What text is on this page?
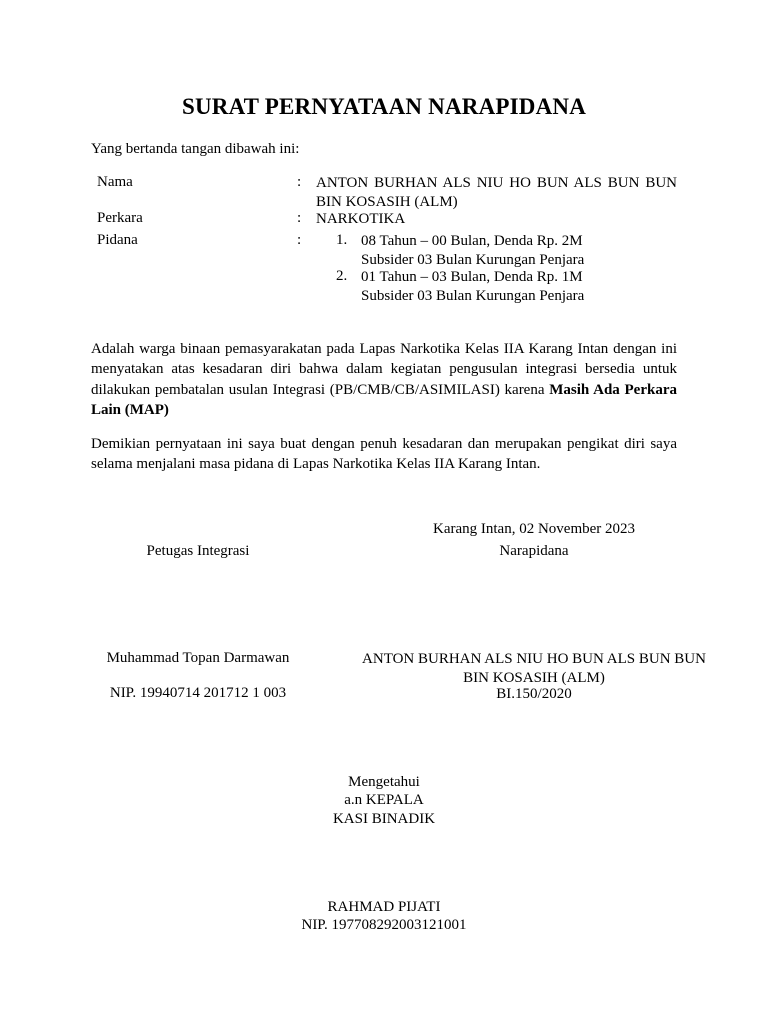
SURAT PERNYATAAN NARAPIDANA
Yang bertanda tangan dibawah ini:
Nama	: ANTON BURHAN ALS NIU HO BUN ALS BUN BUN BIN KOSASIH (ALM)
Perkara	: NARKOTIKA
Pidana	: 1. 08 Tahun – 00 Bulan, Denda Rp. 2M
Subsider 03 Bulan Kurungan Penjara
2. 01 Tahun – 03 Bulan, Denda Rp. 1M
Subsider 03 Bulan Kurungan Penjara
Adalah warga binaan pemasyarakatan pada Lapas Narkotika Kelas IIA Karang Intan dengan ini menyatakan atas kesadaran diri bahwa dalam kegiatan pengusulan integrasi bersedia untuk dilakukan pembatalan usulan Integrasi (PB/CMB/CB/ASIMILASI) karena Masih Ada Perkara Lain (MAP)
Demikian pernyataan ini saya buat dengan penuh kesadaran dan merupakan pengikat diri saya selama menjalani masa pidana di Lapas Narkotika Kelas IIA Karang Intan.
Karang Intan, 02 November 2023
Petugas Integrasi	Narapidana
Muhammad Topan Darmawan
NIP. 19940714 201712 1 003
ANTON BURHAN ALS NIU HO BUN ALS BUN BUN BIN KOSASIH (ALM)
BI.150/2020
Mengetahui
a.n KEPALA
KASI BINADIK
RAHMAD PIJATI
NIP. 197708292003121001
